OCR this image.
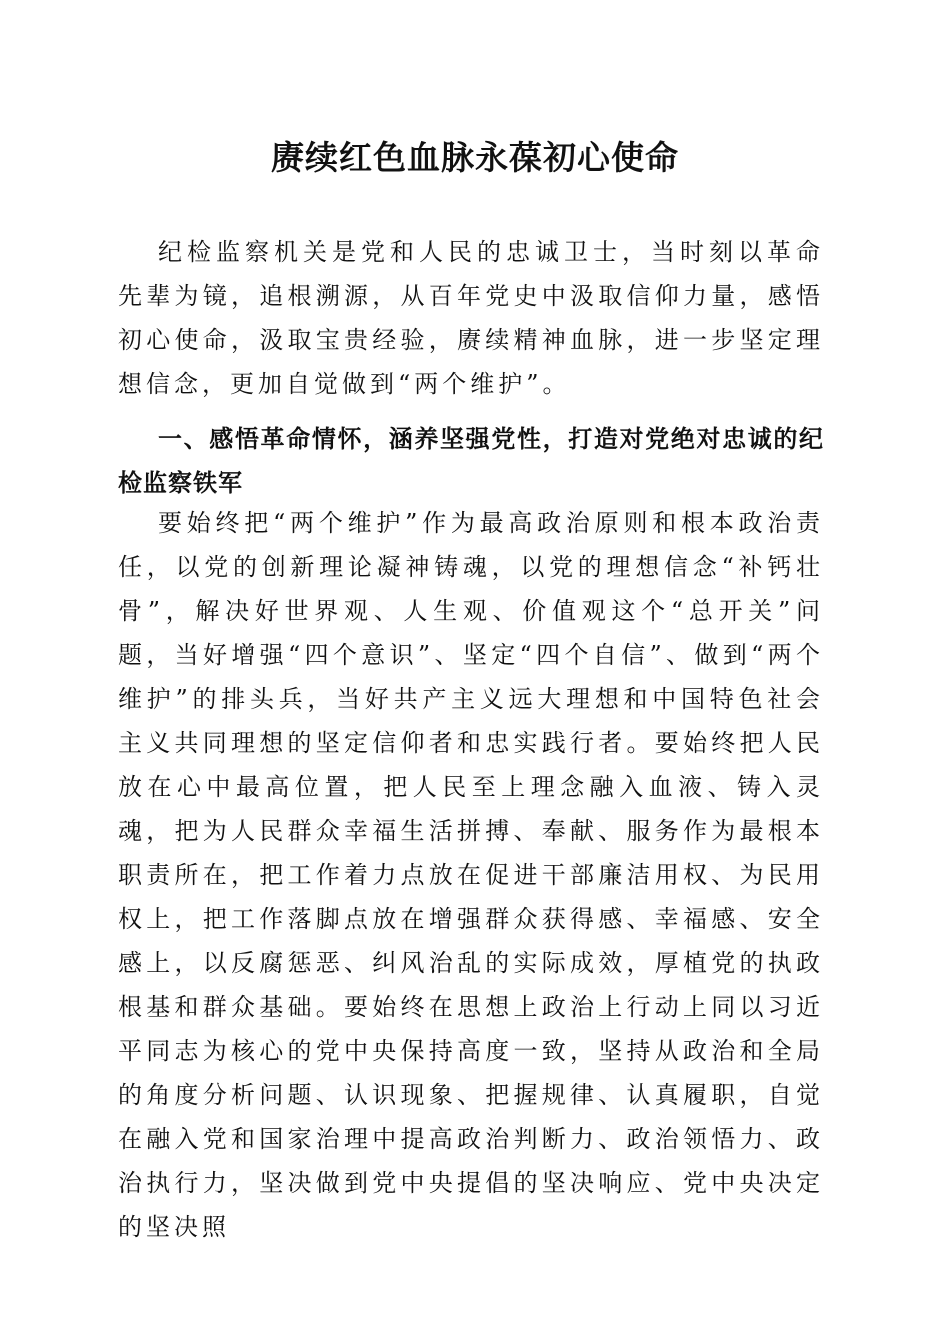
赓续红色血脉永葆初心使命

纪检监察机关是党和人民的忠诚卫士，当时刻以革命先辈为镜，追根溯源，从百年党史中汲取信仰力量，感悟初心使命，汲取宝贵经验，赓续精神血脉，进一步坚定理想信念，更加自觉做到“两个维护”。

一、感悟革命情怀，涵养坚强党性，打造对党绝对忠诚的纪检监察铁军

要始终把“两个维护”作为最高政治原则和根本政治责任，以党的创新理论凝神铸魂，以党的理想信念“补钙壮骨”，解决好世界观、人生观、价值观这个“总开关”问题，当好增强“四个意识”、坚定“四个自信”、做到“两个维护”的排头兵，当好共产主义远大理想和中国特色社会主义共同理想的坚定信仰者和忠实践行者。要始终把人民放在心中最高位置，把人民至上理念融入血液、铸入灵魂，把为人民群众幸福生活拼搏、奉献、服务作为最根本职责所在，把工作着力点放在促进干部廉洁用权、为民用权上，把工作落脚点放在增强群众获得感、幸福感、安全感上，以反腐惩恶、纠风治乱的实际成效，厚植党的执政根基和群众基础。要始终在思想上政治上行动上同以习近平同志为核心的党中央保持高度一致，坚持从政治和全局的角度分析问题、认识现象、把握规律、认真履职，自觉在融入党和国家治理中提高政治判断力、政治领悟力、政治执行力，坚决做到党中央提倡的坚决响应、党中央决定的坚决照
